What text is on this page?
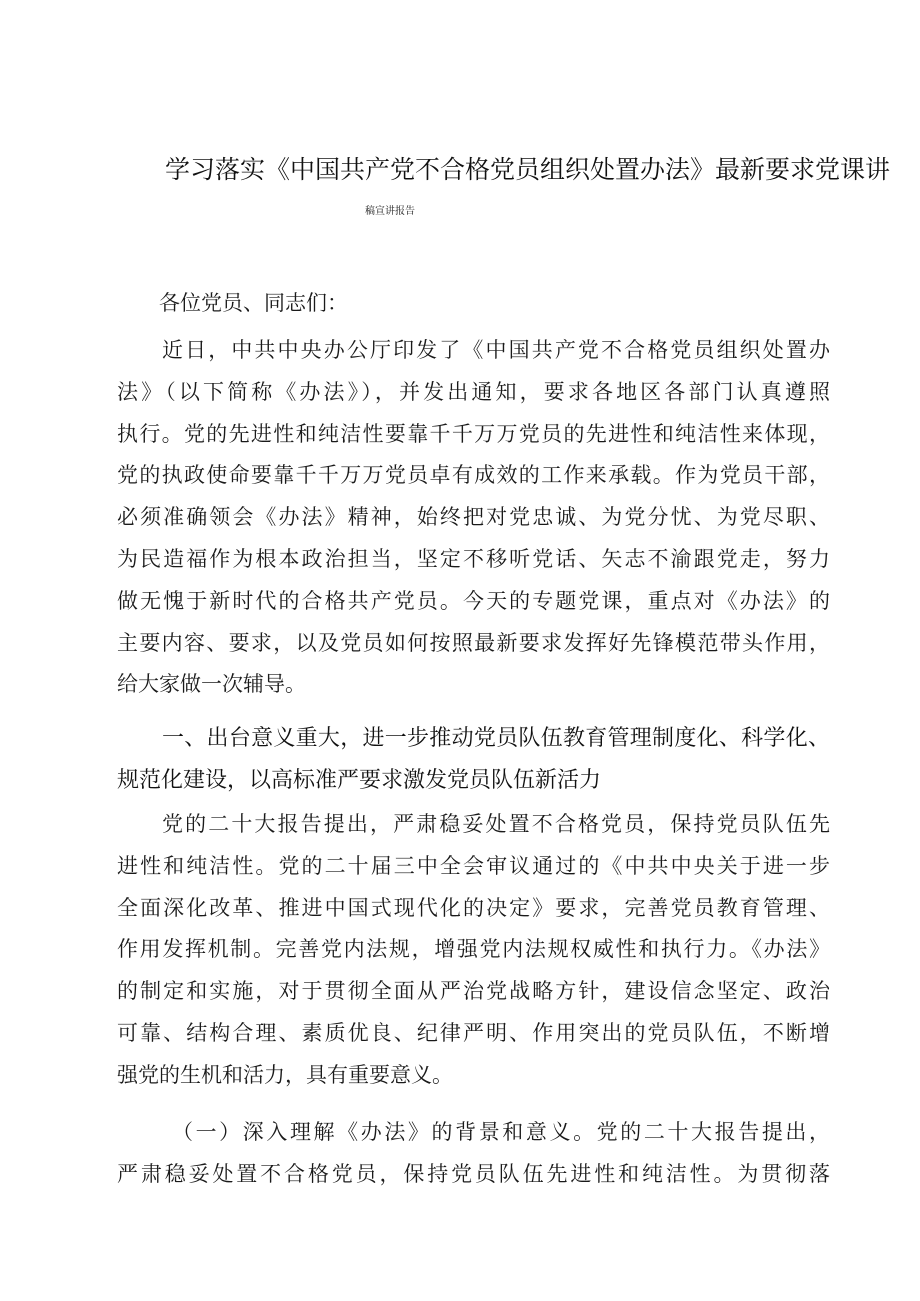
学习落实《中国共产党不合格党员组织处置办法》最新要求党课讲
稿宣讲报告
各位党员、同志们：
近日，中共中央办公厅印发了《中国共产党不合格党员组织处置办
法》（以下简称《办法》），并发出通知，要求各地区各部门认真遵照
执行。党的先进性和纯洁性要靠千千万万党员的先进性和纯洁性来体现，
党的执政使命要靠千千万万党员卓有成效的工作来承载。作为党员干部，
必须准确领会《办法》精神，始终把对党忠诚、为党分忧、为党尽职、
为民造福作为根本政治担当，坚定不移听党话、矢志不渝跟党走，努力
做无愧于新时代的合格共产党员。今天的专题党课，重点对《办法》的
主要内容、要求，以及党员如何按照最新要求发挥好先锋模范带头作用，
给大家做一次辅导。
一、出台意义重大，进一步推动党员队伍教育管理制度化、科学化、
规范化建设，以高标准严要求激发党员队伍新活力
党的二十大报告提出，严肃稳妥处置不合格党员，保持党员队伍先
进性和纯洁性。党的二十届三中全会审议通过的《中共中央关于进一步
全面深化改革、推进中国式现代化的决定》要求，完善党员教育管理、
作用发挥机制。完善党内法规，增强党内法规权威性和执行力。《办法》
的制定和实施，对于贯彻全面从严治党战略方针，建设信念坚定、政治
可靠、结构合理、素质优良、纪律严明、作用突出的党员队伍，不断增
强党的生机和活力，具有重要意义。
（一）深入理解《办法》的背景和意义。党的二十大报告提出，
严肃稳妥处置不合格党员，保持党员队伍先进性和纯洁性。为贯彻落
